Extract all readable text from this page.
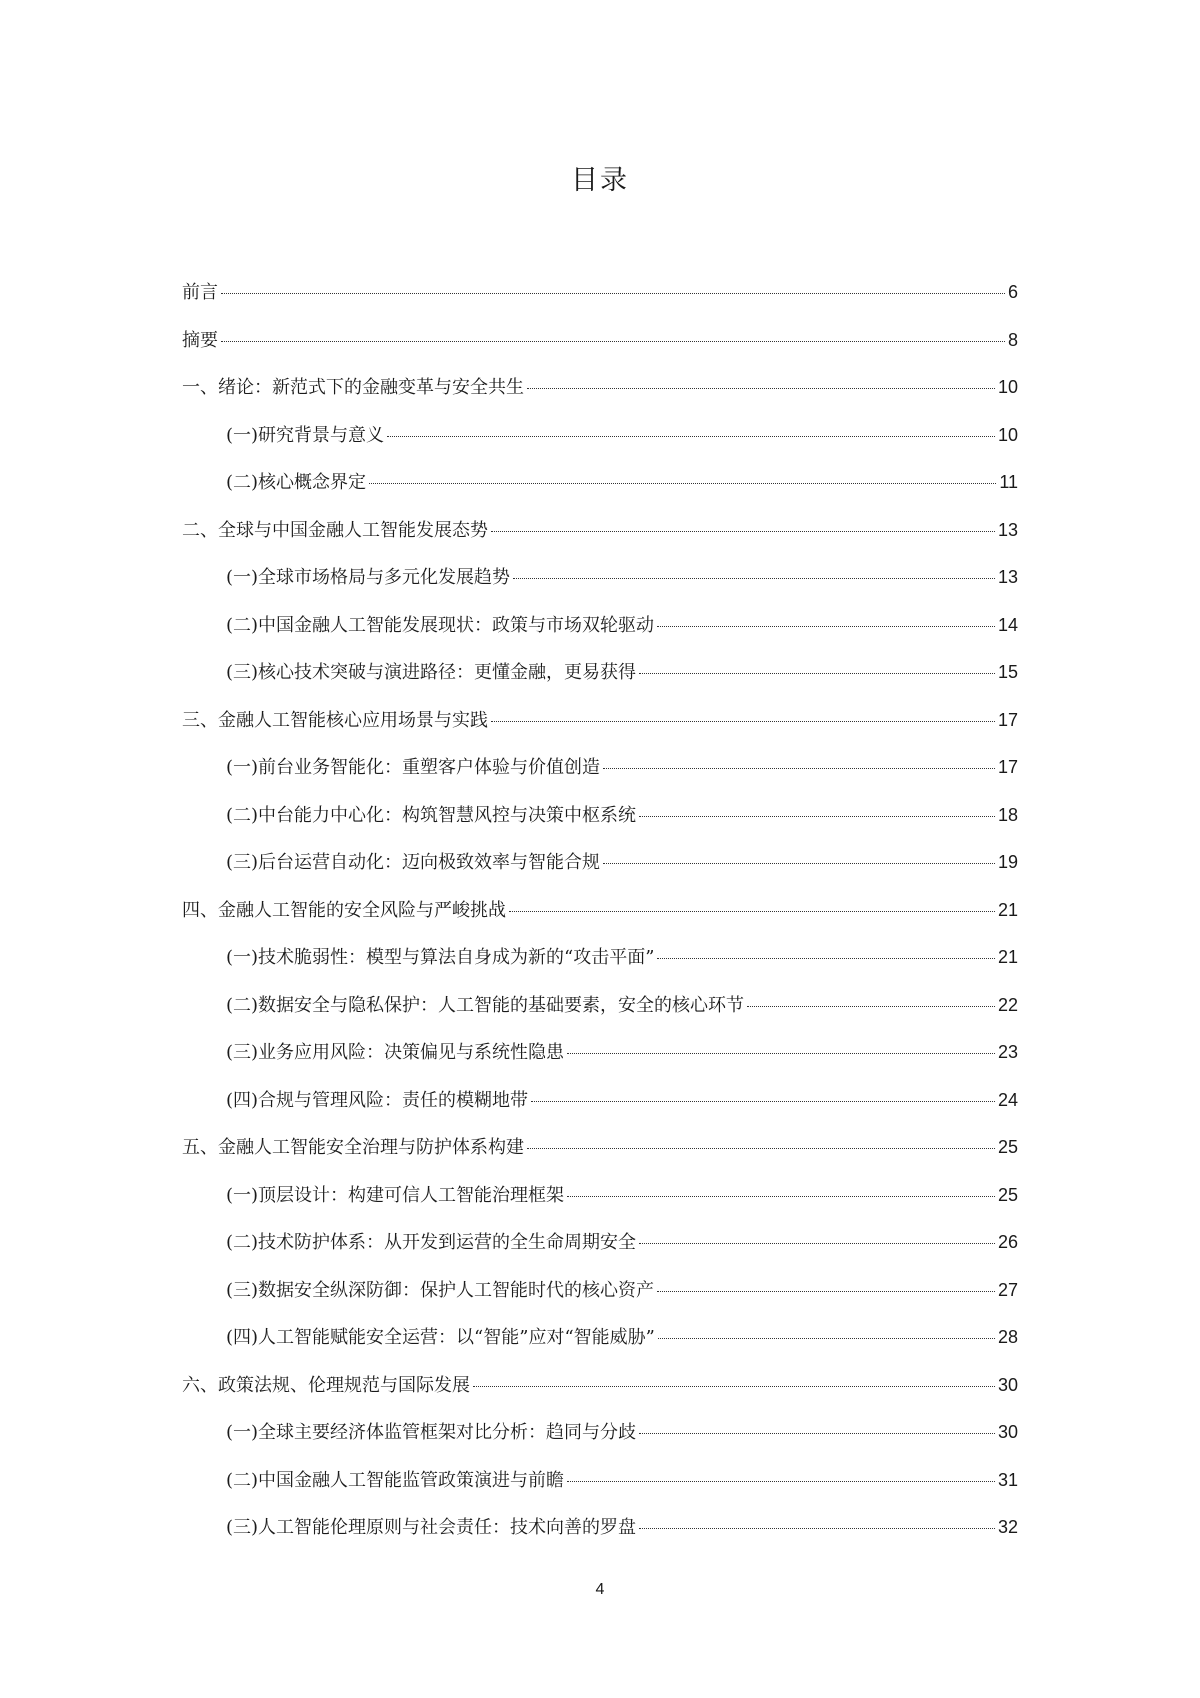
目录
前言	6
摘要	8
一、绪论：新范式下的金融变革与安全共生	10
(一)研究背景与意义	10
(二)核心概念界定	11
二、全球与中国金融人工智能发展态势	13
(一)全球市场格局与多元化发展趋势	13
(二)中国金融人工智能发展现状：政策与市场双轮驱动	14
(三)核心技术突破与演进路径：更懂金融，更易获得	15
三、金融人工智能核心应用场景与实践	17
(一)前台业务智能化：重塑客户体验与价值创造	17
(二)中台能力中心化：构筑智慧风控与决策中枢系统	18
(三)后台运营自动化：迈向极致效率与智能合规	19
四、金融人工智能的安全风险与严峻挑战	21
(一)技术脆弱性：模型与算法自身成为新的“攻击平面”	21
(二)数据安全与隐私保护：人工智能的基础要素，安全的核心环节	22
(三)业务应用风险：决策偏见与系统性隐患	23
(四)合规与管理风险：责任的模糊地带	24
五、金融人工智能安全治理与防护体系构建	25
(一)顶层设计：构建可信人工智能治理框架	25
(二)技术防护体系：从开发到运营的全生命周期安全	26
(三)数据安全纵深防御：保护人工智能时代的核心资产	27
(四)人工智能赋能安全运营：以“智能”应对“智能威胁”	28
六、政策法规、伦理规范与国际发展	30
(一)全球主要经济体监管框架对比分析：趋同与分歧	30
(二)中国金融人工智能监管政策演进与前瞻	31
(三)人工智能伦理原则与社会责任：技术向善的罗盘	32
4
